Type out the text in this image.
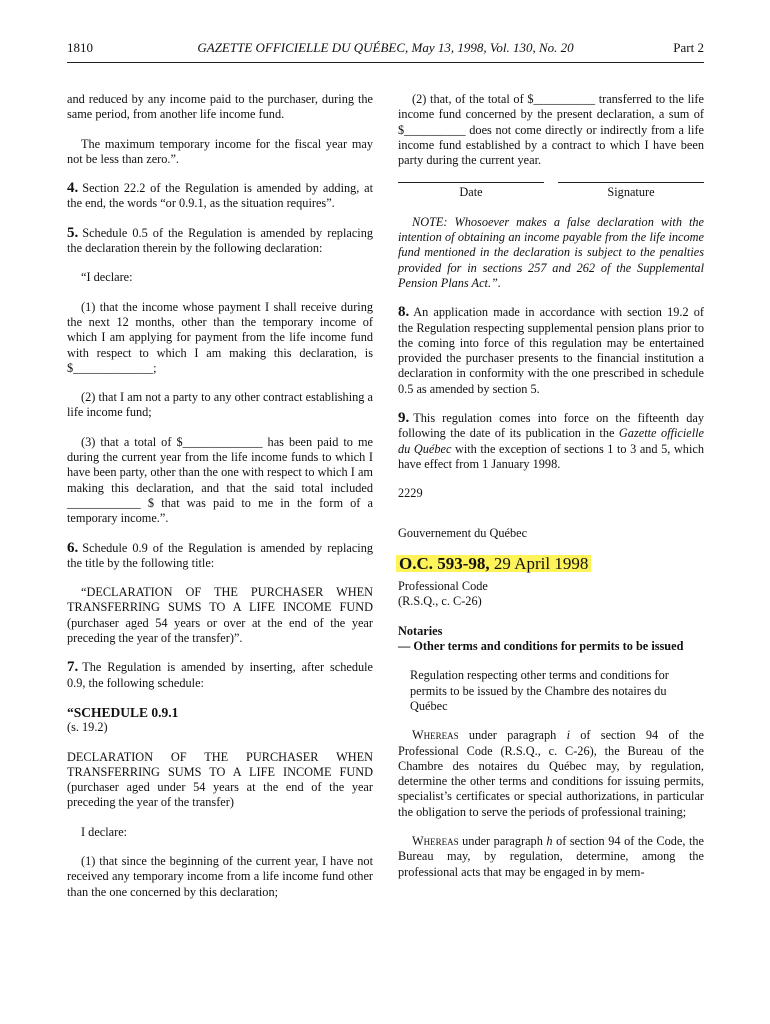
1810	GAZETTE OFFICIELLE DU QUÉBEC, May 13, 1998, Vol. 130, No. 20	Part 2

and reduced by any income paid to the purchaser, during the same period, from another life income fund.

The maximum temporary income for the fiscal year may not be less than zero.”.

4. Section 22.2 of the Regulation is amended by adding, at the end, the words “or 0.9.1, as the situation requires”.

5. Schedule 0.5 of the Regulation is amended by replacing the declaration therein by the following declaration:

“I declare:

(1) that the income whose payment I shall receive during the next 12 months, other than the temporary income of which I am applying for payment from the life income fund with respect to which I am making this declaration, is $_____________;

(2) that I am not a party to any other contract establishing a life income fund;

(3) that a total of $_____________ has been paid to me during the current year from the life income funds to which I have been party, other than the one with respect to which I am making this declaration, and that the said total included ____________ $ that was paid to me in the form of a temporary income.”.

6. Schedule 0.9 of the Regulation is amended by replacing the title by the following title:

“DECLARATION OF THE PURCHASER WHEN TRANSFERRING SUMS TO A LIFE INCOME FUND (purchaser aged 54 years or over at the end of the year preceding the year of the transfer)”.

7. The Regulation is amended by inserting, after schedule 0.9, the following schedule:

“SCHEDULE 0.9.1

(s. 19.2)

DECLARATION OF THE PURCHASER WHEN TRANSFERRING SUMS TO A LIFE INCOME FUND (purchaser aged under 54 years at the end of the year preceding the year of the transfer)

I declare:

(1) that since the beginning of the current year, I have not received any temporary income from a life income fund other than the one concerned by this declaration;

(2) that, of the total of $__________ transferred to the life income fund concerned by the present declaration, a sum of $__________ does not come directly or indirectly from a life income fund established by a contract to which I have been party during the current year.

Date	Signature

NOTE: Whosoever makes a false declaration with the intention of obtaining an income payable from the life income fund mentioned in the declaration is subject to the penalties provided for in sections 257 and 262 of the Supplemental Pension Plans Act.”.

8. An application made in accordance with section 19.2 of the Regulation respecting supplemental pension plans prior to the coming into force of this regulation may be entertained provided the purchaser presents to the financial institution a declaration in conformity with the one prescribed in schedule 0.5 as amended by section 5.

9. This regulation comes into force on the fifteenth day following the date of its publication in the Gazette officielle du Québec with the exception of sections 1 to 3 and 5, which have effect from 1 January 1998.

2229

Gouvernement du Québec

O.C. 593-98, 29 April 1998

Professional Code

(R.S.Q., c. C-26)

Notaries

— Other terms and conditions for permits to be issued

Regulation respecting other terms and conditions for permits to be issued by the Chambre des notaires du Québec

Whereas under paragraph i of section 94 of the Professional Code (R.S.Q., c. C-26), the Bureau of the Chambre des notaires du Québec may, by regulation, determine the other terms and conditions for issuing permits, specialist’s certificates or special authorizations, in particular the obligation to serve the periods of professional training;

Whereas under paragraph h of section 94 of the Code, the Bureau may, by regulation, determine, among the professional acts that may be engaged in by mem-
